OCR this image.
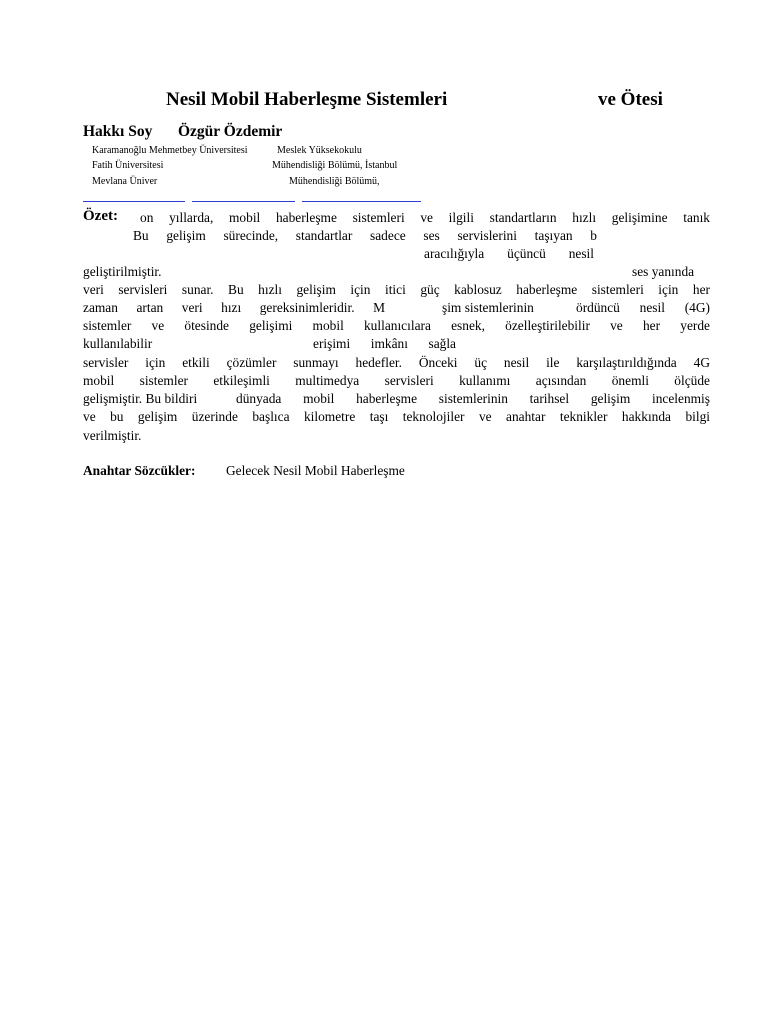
Nesil Mobil Haberleşme Sistemleri	ve Ötesi
Hakkı Soy Özgür Özdemir
Karamanoğlu Mehmetbey Üniversitesi	Meslek Yüksekokulu
Fatih Üniversitesi	Mühendisliği Bölümü, İstanbul
Mevlana Üniver	Mühendisliği Bölümü,
Özet: on yıllarda, mobil haberleşme sistemleri ve ilgili standartların hızlı gelişimine tanık
Bu gelişim sürecinde, standartlar sadece ses servislerini taşıyan b
aracılığıyla üçüncü nesil
geliştirilmiştir.	ses yanında
veri servisleri sunar. Bu hızlı gelişim için itici güç kablosuz haberleşme sistemleri için her
zaman artan veri hızı gereksinimleridir. M	şim sistemlerinin	ördüncü nesil (4G)
sistemler ve ötesinde gelişimi mobil kullanıcılara esnek, özelleştirilebilir ve her yerde
kullanılabilir	erişimi imkânı sağla
servisler için etkili çözümler sunmayı hedefler. Önceki üç nesil ile karşılaştırıldığında 4G
mobil sistemler etkileşimli multimedya servisleri kullanımı açısından önemli ölçüde
gelişmiştir. Bu bildiri	dünyada mobil haberleşme sistemlerinin tarihsel gelişim incelenmiş
ve bu gelişim üzerinde başlıca kilometre taşı teknolojiler ve anahtar teknikler hakkında bilgi
verilmiştir.
Anahtar Sözcükler: Gelecek Nesil Mobil Haberleşme
